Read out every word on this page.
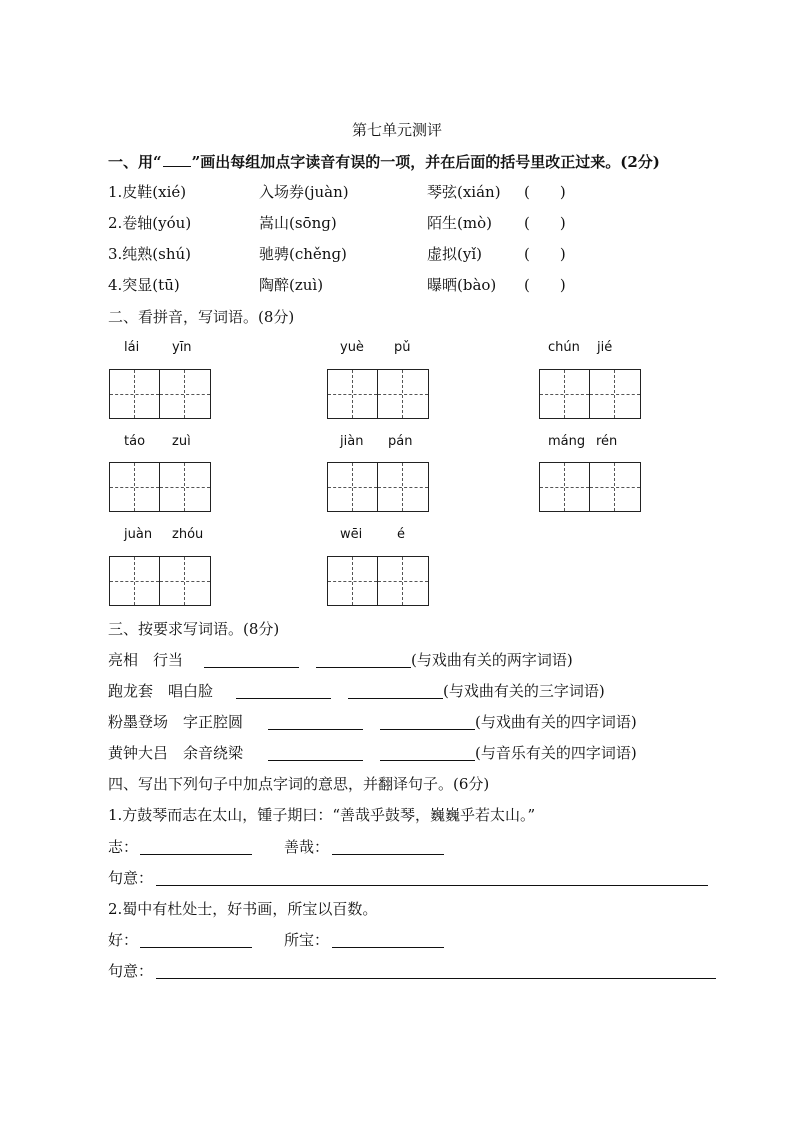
第七单元测评
一、用“ ”画出每组加点字读音有误的一项，并在后面的括号里改正过来。(2分)
1.皮鞋(xié)	入场券(juàn)	琴弦(xián) (　　)
2.卷轴(yóu)	嵩山(sōnɡ)	陌生(mò) (　　)
3.纯熟(shú)	驰骋(chěnɡ)	虚拟(yǐ)	(　　)
4.突显(tū)	陶醉(zuì)	曝晒(bào) (　　)
二、看拼音，写词语。(8分)
lái	yīn	yuè pǔ	chún jié
táo zuì	jiàn pán	máng rén
juàn zhóu	wēi	é
三、按要求写词语。(8分)
亮相　行当	(与戏曲有关的两字词语)
跑龙套　唱白脸	(与戏曲有关的三字词语)
粉墨登场　字正腔圆	(与戏曲有关的四字词语)
黄钟大吕　余音绕梁	(与音乐有关的四字词语)
四、写出下列句子中加点字词的意思，并翻译句子。(6分)
1.方鼓琴而志在太山，锺子期曰：“善哉乎鼓琴，巍巍乎若太山。”
志：	善哉：
句意：
2.蜀中有杜处士，好书画，所宝以百数。
好：	所宝：
句意：
